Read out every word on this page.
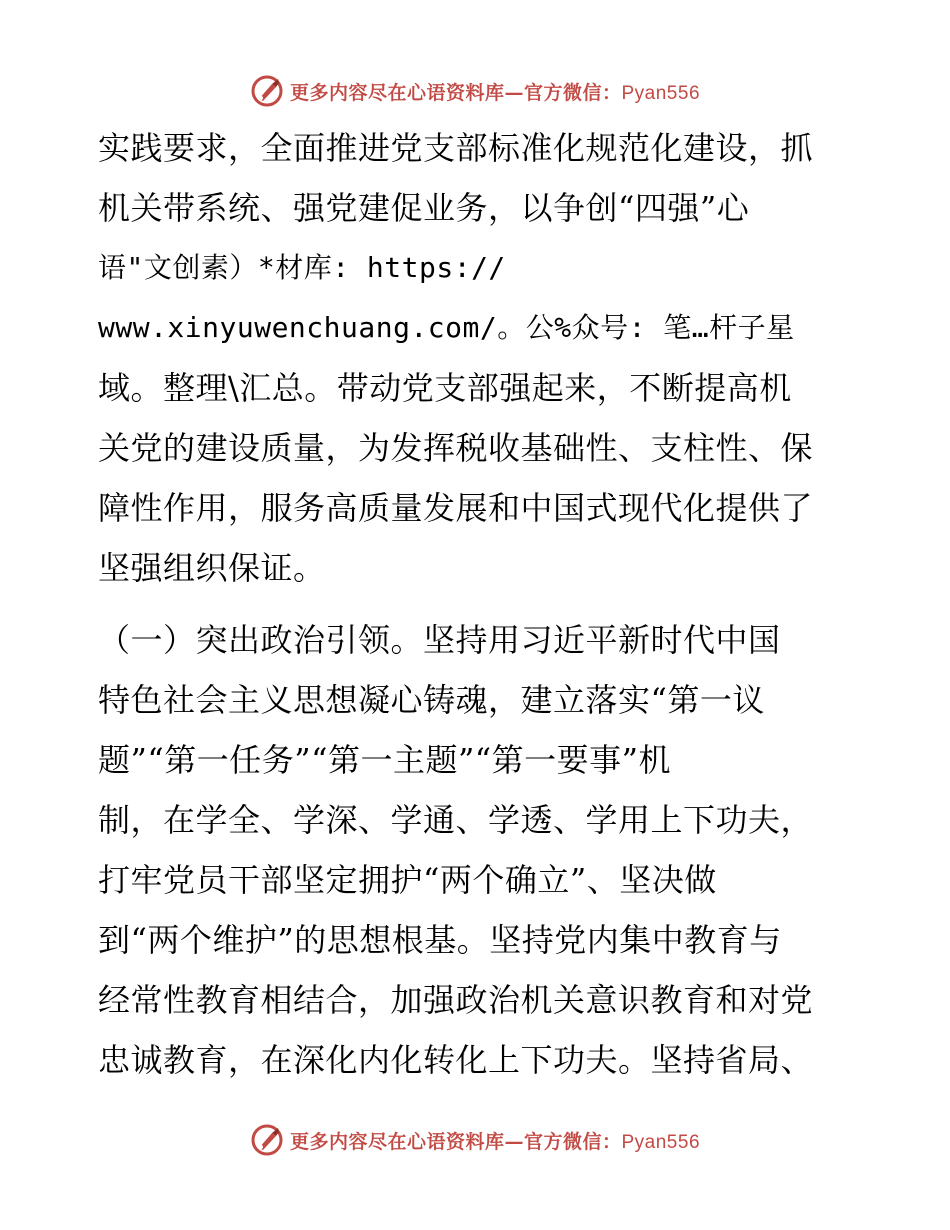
更多内容尽在心语资料库—官方微信：Pyan556
实践要求，全面推进党支部标准化规范化建设，抓
机关带系统、强党建促业务，以争创“四强”心
语"文创素）*材库: https://
www.xinyuwenchuang.com/。公%众号: 笔…杆子星
域。整理\汇总。带动党支部强起来，不断提高机
关党的建设质量，为发挥税收基础性、支柱性、保
障性作用，服务高质量发展和中国式现代化提供了
坚强组织保证。
（一）突出政治引领。坚持用习近平新时代中国
特色社会主义思想凝心铸魂，建立落实“第一议
题”“第一任务”“第一主题”“第一要事”机
制，在学全、学深、学通、学透、学用上下功夫，
打牢党员干部坚定拥护“两个确立”、坚决做
到“两个维护”的思想根基。坚持党内集中教育与
经常性教育相结合，加强政治机关意识教育和对党
忠诚教育，在深化内化转化上下功夫。坚持省局、
更多内容尽在心语资料库—官方微信：Pyan556
